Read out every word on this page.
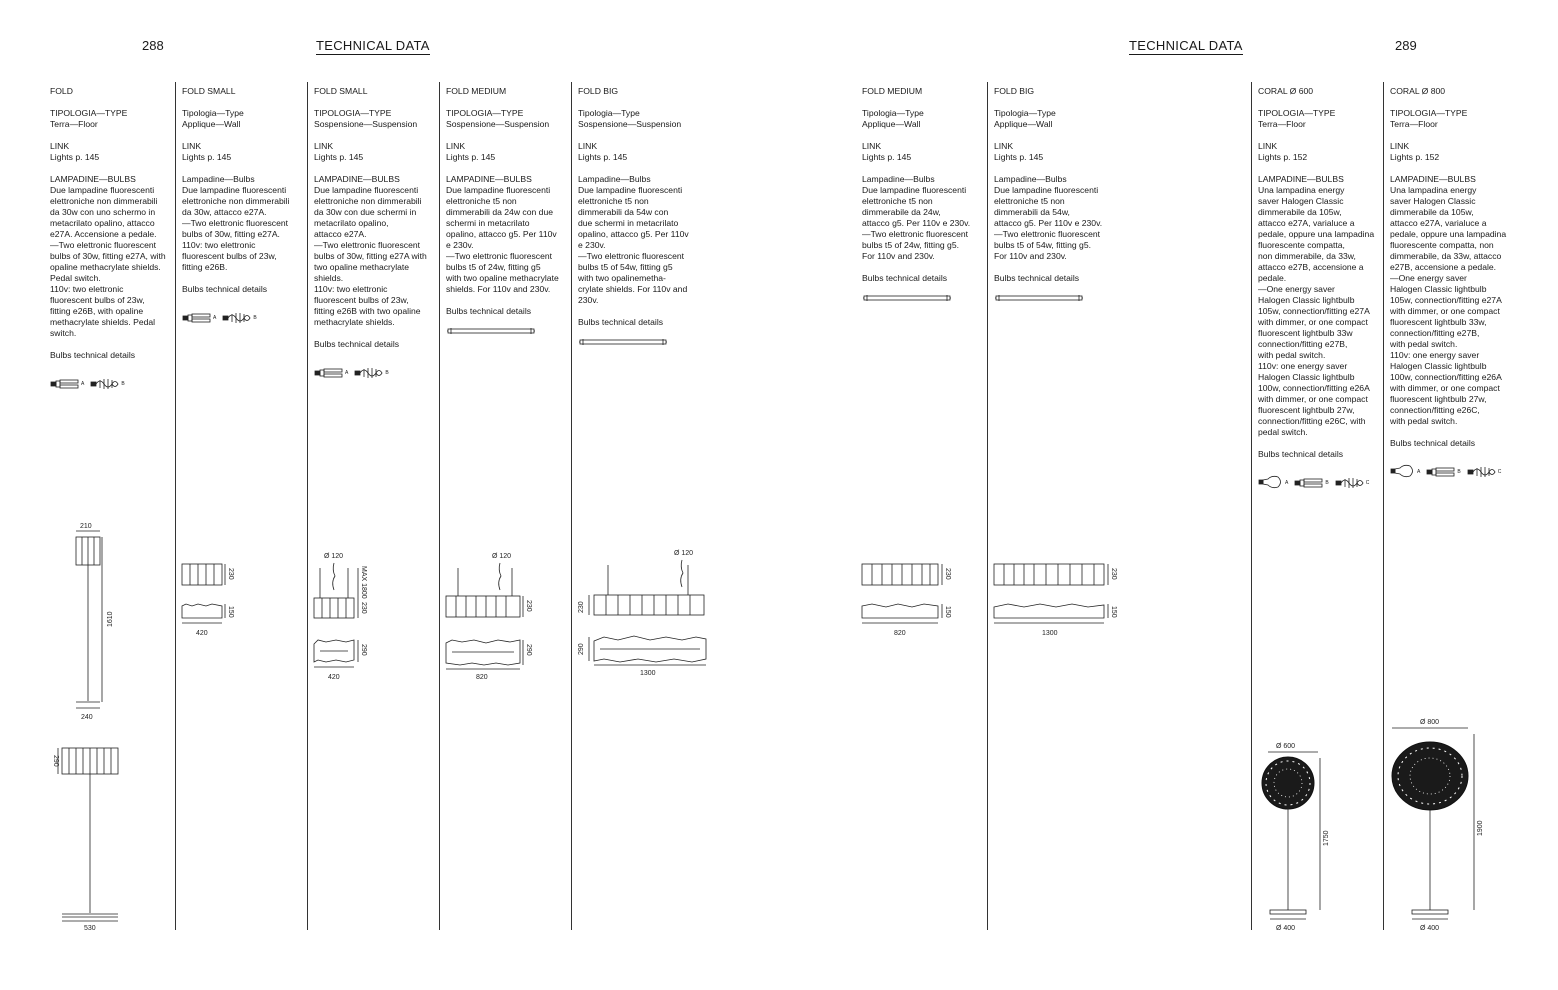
288	TECHNICAL DATA	TECHNICAL DATA	289

FOLD

TIPOLOGIA—TYPE
Terra—Floor

LINK
Lights p. 145

LAMPADINE—BULBS
Due lampadine fluorescenti
elettroniche non dimmerabili
da 30w con uno schermo in
metacrilato opalino, attacco
e27A. Accensione a pedale.
—Two elettronic fluorescent
bulbs of 30w, fitting e27A, with
opaline methacrylate shields.
Pedal switch.
110v: two elettronic
fluorescent bulbs of 23w,
fitting e26B, with opaline
methacrylate shields. Pedal
switch.

Bulbs technical details

A	B

FOLD SMALL

Tipologia—Type
Applique—Wall

LINK
Lights p. 145

Lampadine—Bulbs
Due lampadine fluorescenti
elettroniche non dimmerabili
da 30w, attacco e27A.
—Two elettronic fluorescent
bulbs of 30w, fitting e27A.
110v: two elettronic
fluorescent bulbs of 23w,
fitting e26B.

Bulbs technical details

A	B

FOLD SMALL

TIPOLOGIA—TYPE
Sospensione—Suspension

LINK
Lights p. 145

LAMPADINE—BULBS
Due lampadine fluorescenti
elettroniche non dimmerabili
da 30w con due schermi in
metacrilato opalino,
attacco e27A.
—Two elettronic fluorescent
bulbs of 30w, fitting e27A with
two opaline methacrylate
shields.
110v: two elettronic
fluorescent bulbs of 23w,
fitting e26B with two opaline
methacrylate shields.

Bulbs technical details

A	B

FOLD MEDIUM

TIPOLOGIA—TYPE
Sospensione—Suspension

LINK
Lights p. 145

LAMPADINE—BULBS
Due lampadine fluorescenti
elettroniche t5 non
dimmerabili da 24w con due
schermi in metacrilato
opalino, attacco g5. Per 110v
e 230v.
—Two elettronic fluorescent
bulbs t5 of 24w, fitting g5
with two opaline methacrylate
shields. For 110v and 230v.

Bulbs technical details

FOLD BIG

Tipologia—Type
Sospensione—Suspension

LINK
Lights p. 145

Lampadine—Bulbs
Due lampadine fluorescenti
elettroniche t5 non
dimmerabili da 54w con
due schermi in metacrilato
opalino, attacco g5. Per 110v
e 230v.
—Two elettronic fluorescent
bulbs t5 of 54w, fitting g5
with two opalinemetha-
crylate shields. For 110v and
230v.

Bulbs technical details

FOLD MEDIUM

Tipologia—Type
Applique—Wall

LINK
Lights p. 145

Lampadine—Bulbs
Due lampadine fluorescenti
elettroniche t5 non
dimmerabile da 24w,
attacco g5. Per 110v e 230v.
—Two elettronic fluorescent
bulbs t5 of 24w, fitting g5.
For 110v and 230v.

Bulbs technical details

FOLD BIG

Tipologia—Type
Applique—Wall

LINK
Lights p. 145

Lampadine—Bulbs
Due lampadine fluorescenti
elettroniche t5 non
dimmerabili da 54w,
attacco g5. Per 110v e 230v.
—Two elettronic fluorescent
bulbs t5 of 54w, fitting g5.
For 110v and 230v.

Bulbs technical details

CORAL Ø 600

TIPOLOGIA—TYPE
Terra—Floor

LINK
Lights p. 152

LAMPADINE—BULBS
Una lampadina energy
saver Halogen Classic
dimmerabile da 105w,
attacco e27A, varialuce a
pedale, oppure una lampadina
fluorescente compatta,
non dimmerabile, da 33w,
attacco e27B, accensione a
pedale.
—One energy saver
Halogen Classic lightbulb
105w, connection/fitting e27A
with dimmer, or one compact
fluorescent lightbulb 33w
connection/fitting e27B,
with pedal switch.
110v: one energy saver
Halogen Classic lightbulb
100w, connection/fitting e26A
with dimmer, or one compact
fluorescent lightbulb 27w,
connection/fitting e26C, with
pedal switch.

Bulbs technical details

A	B	C

CORAL Ø 800

TIPOLOGIA—TYPE
Terra—Floor

LINK
Lights p. 152

LAMPADINE—BULBS
Una lampadina energy
saver Halogen Classic
dimmerabile da 105w,
attacco e27A, varialuce a
pedale, oppure una lampadina
fluorescente compatta, non
dimmerabile, da 33w, attacco
e27B, accensione a pedale.
—One energy saver
Halogen Classic lightbulb
105w, connection/fitting e27A
with dimmer, or one compact
fluorescent lightbulb 33w,
connection/fitting e27B,
with pedal switch.
110v: one energy saver
Halogen Classic lightbulb
100w, connection/fitting e26A
with dimmer, or one compact
fluorescent lightbulb 27w,
connection/fitting e26C,
with pedal switch.

Bulbs technical details

A	B	C
210
1610
240
290
530
230
150
420
Ø 120
230
MAX 1800
290
420
Ø 120
230
290
820
Ø 120
230
290
1300
230
150
820
230
150
1300
Ø 600
1750
Ø 400
Ø 800
1900
Ø 400
